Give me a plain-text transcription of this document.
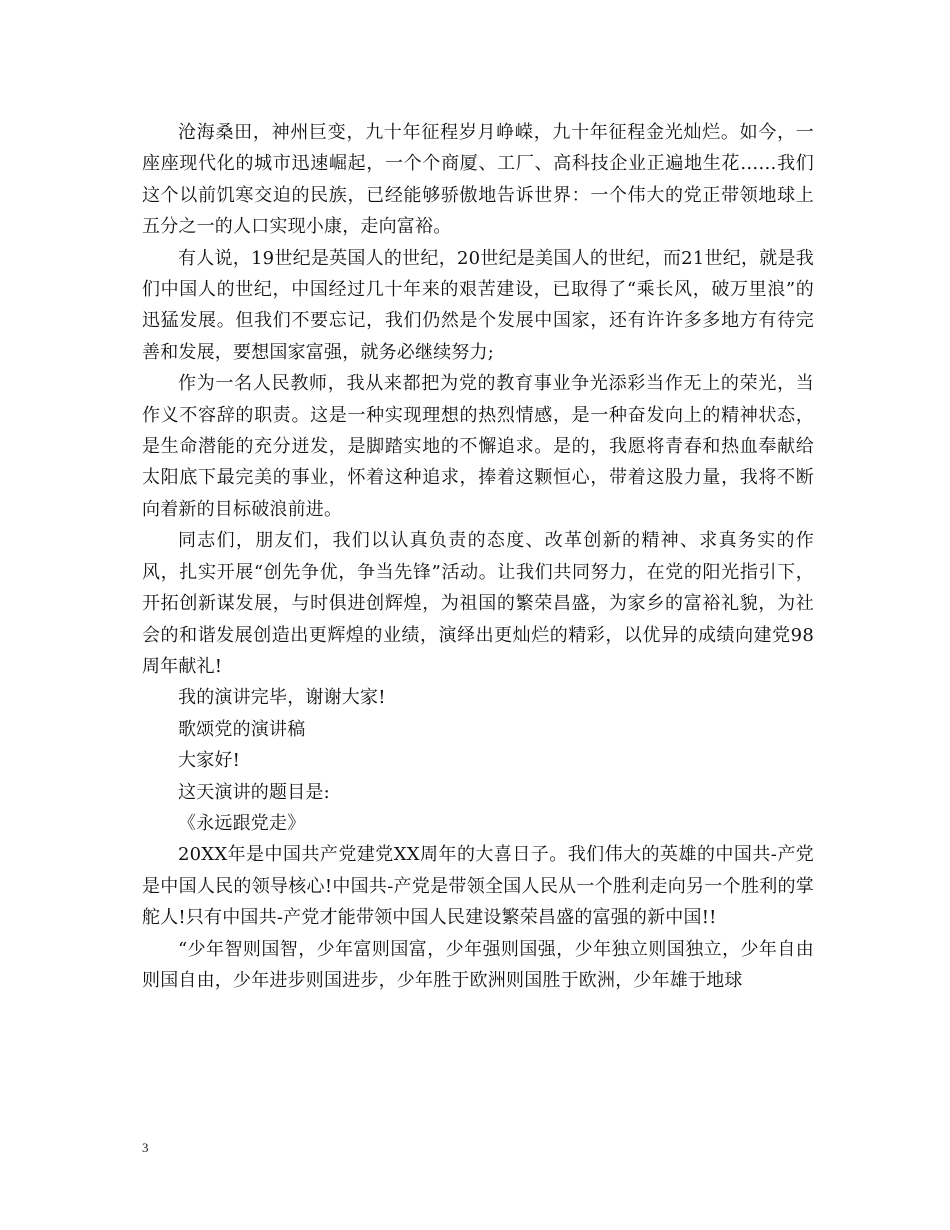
沧海桑田，神州巨变，九十年征程岁月峥嵘，九十年征程金光灿烂。如今，一座座现代化的城市迅速崛起，一个个商厦、工厂、高科技企业正遍地生花……我们这个以前饥寒交迫的民族，已经能够骄傲地告诉世界：一个伟大的党正带领地球上五分之一的人口实现小康，走向富裕。

有人说，19世纪是英国人的世纪，20世纪是美国人的世纪，而21世纪，就是我们中国人的世纪，中国经过几十年来的艰苦建设，已取得了“乘长风，破万里浪”的迅猛发展。但我们不要忘记，我们仍然是个发展中国家，还有许许多多地方有待完善和发展，要想国家富强，就务必继续努力;

作为一名人民教师，我从来都把为党的教育事业争光添彩当作无上的荣光，当作义不容辞的职责。这是一种实现理想的热烈情感，是一种奋发向上的精神状态，是生命潜能的充分迸发，是脚踏实地的不懈追求。是的，我愿将青春和热血奉献给太阳底下最完美的事业，怀着这种追求，捧着这颗恒心，带着这股力量，我将不断向着新的目标破浪前进。

同志们，朋友们，我们以认真负责的态度、改革创新的精神、求真务实的作风，扎实开展“创先争优，争当先锋”活动。让我们共同努力，在党的阳光指引下，开拓创新谋发展，与时俱进创辉煌，为祖国的繁荣昌盛，为家乡的富裕礼貌，为社会的和谐发展创造出更辉煌的业绩，演绎出更灿烂的精彩，以优异的成绩向建党98周年献礼!

我的演讲完毕，谢谢大家!

歌颂党的演讲稿

大家好!

这天演讲的题目是:

《永远跟党走》

20XX年是中国共产党建党XX周年的大喜日子。我们伟大的英雄的中国共-产党是中国人民的领导核心!中国共-产党是带领全国人民从一个胜利走向另一个胜利的掌舵人!只有中国共-产党才能带领中国人民建设繁荣昌盛的富强的新中国!!

“少年智则国智，少年富则国富，少年强则国强，少年独立则国独立，少年自由则国自由，少年进步则国进步，少年胜于欧洲则国胜于欧洲，少年雄于地球

3
